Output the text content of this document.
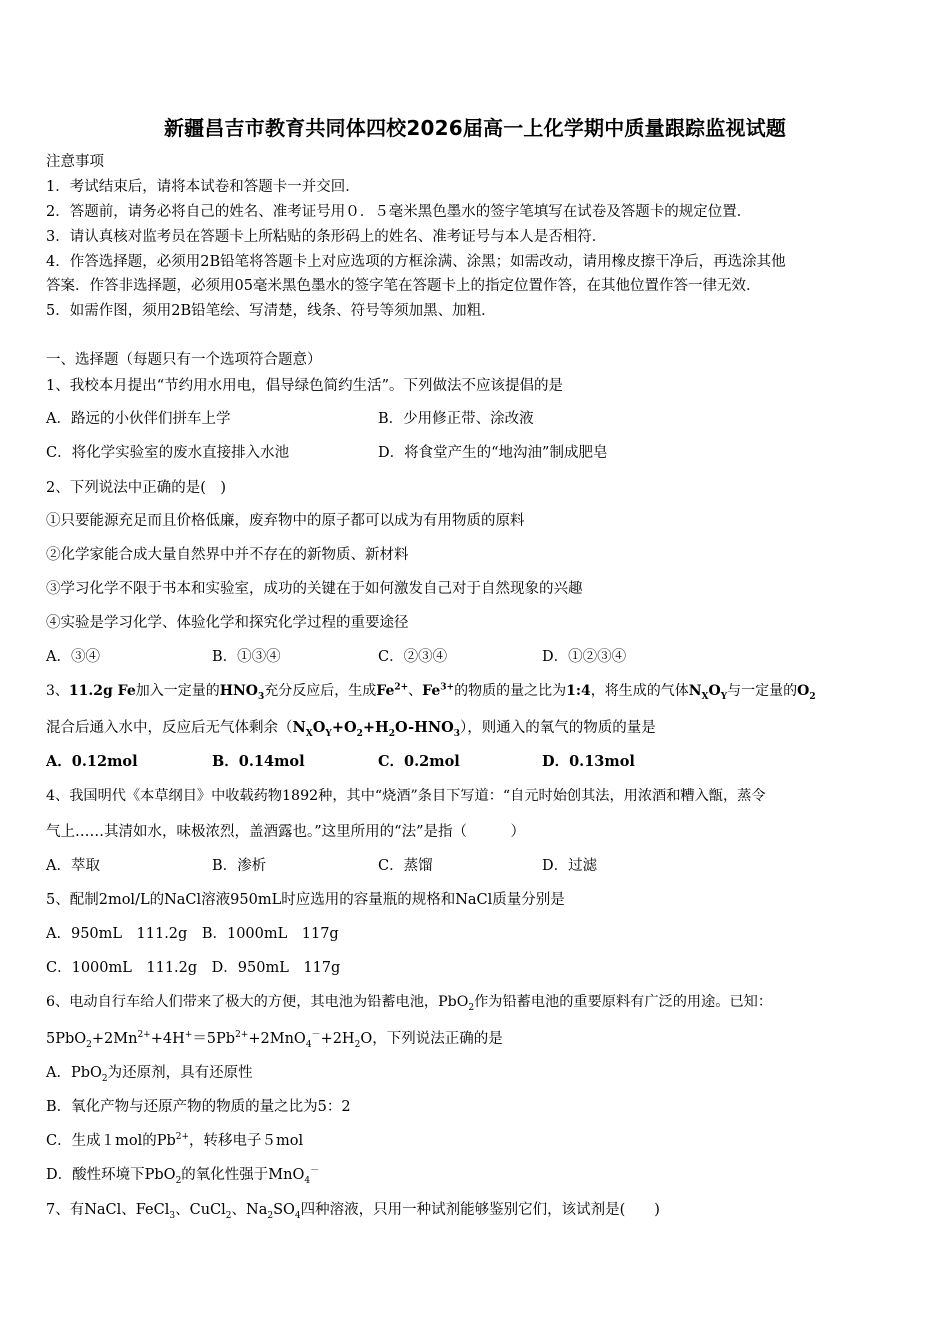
新疆昌吉市教育共同体四校2026届高一上化学期中质量跟踪监视试题
注意事项
1．考试结束后，请将本试卷和答题卡一并交回．
2．答题前，请务必将自己的姓名、准考证号用０．５毫米黑色墨水的签字笔填写在试卷及答题卡的规定位置．
3．请认真核对监考员在答题卡上所粘贴的条形码上的姓名、准考证号与本人是否相符．
4．作答选择题，必须用2B铅笔将答题卡上对应选项的方框涂满、涂黑；如需改动，请用橡皮擦干净后，再选涂其他
答案．作答非选择题，必须用05毫米黑色墨水的签字笔在答题卡上的指定位置作答，在其他位置作答一律无效．
5．如需作图，须用2B铅笔绘、写清楚，线条、符号等须加黑、加粗．
一、选择题（每题只有一个选项符合题意）
1、我校本月提出“节约用水用电，倡导绿色简约生活”。下列做法不应该提倡的是
A．路远的小伙伴们拼车上学	B．少用修正带、涂改液
C．将化学实验室的废水直接排入水池	D．将食堂产生的“地沟油”制成肥皂
2、下列说法中正确的是(　)
①只要能源充足而且价格低廉，废弃物中的原子都可以成为有用物质的原料
②化学家能合成大量自然界中并不存在的新物质、新材料
③学习化学不限于书本和实验室，成功的关键在于如何激发自己对于自然现象的兴趣
④实验是学习化学、体验化学和探究化学过程的重要途径
A．③④	B．①③④	C．②③④	D．①②③④
3、11.2g Fe加入一定量的$HNO_3$充分反应后，生成$Fe^{2+}$、$Fe^{3+}$的物质的量之比为1:4，将生成的气体$N_XO_Y$与一定量的$O_2$
混合后通入水中，反应后无气体剩余$(N_XO_Y+O_2+H_2O-HNO_3)$，则通入的氧气的物质的量是
A．0.12mol	B．0.14mol	C．0.2mol	D．0.13mol
4、我国明代《本草纲目》中收载药物1892种，其中“烧酒”条目下写道：“自元时始创其法，用浓酒和糟入甑，蒸令
气上……其清如水，味极浓烈，盖酒露也。”这里所用的“法”是指（　　　）
A．萃取	B．渗析	C．蒸馏	D．过滤
5、配制2mol/L的NaCl溶液950mL时应选用的容量瓶的规格和NaCl质量分别是
A．950mL　111.2g　B．1000mL　117g
C．1000mL　111.2g　D．950mL　117g
6、电动自行车给人们带来了极大的方便，其电池为铅蓄电池，PbO$_2$作为铅蓄电池的重要原料有广泛的用途。已知：
$5PbO_2+2Mn^{2+}+4H^+=5Pb^{2+}+2MnO_4^-+2H_2O$，下列说法正确的是
A．PbO$_2$为还原剂，具有还原性
B．氧化产物与还原产物的物质的量之比为5：2
C．生成１mol的$Pb^{2+}$，转移电子５mol
D．酸性环境下PbO$_2$的氧化性强于MnO$_4$－
7、有NaCl、FeCl$_3$、CuCl$_2$、$Na_2SO_4$四种溶液，只用一种试剂能够鉴别它们，该试剂是(　　)
